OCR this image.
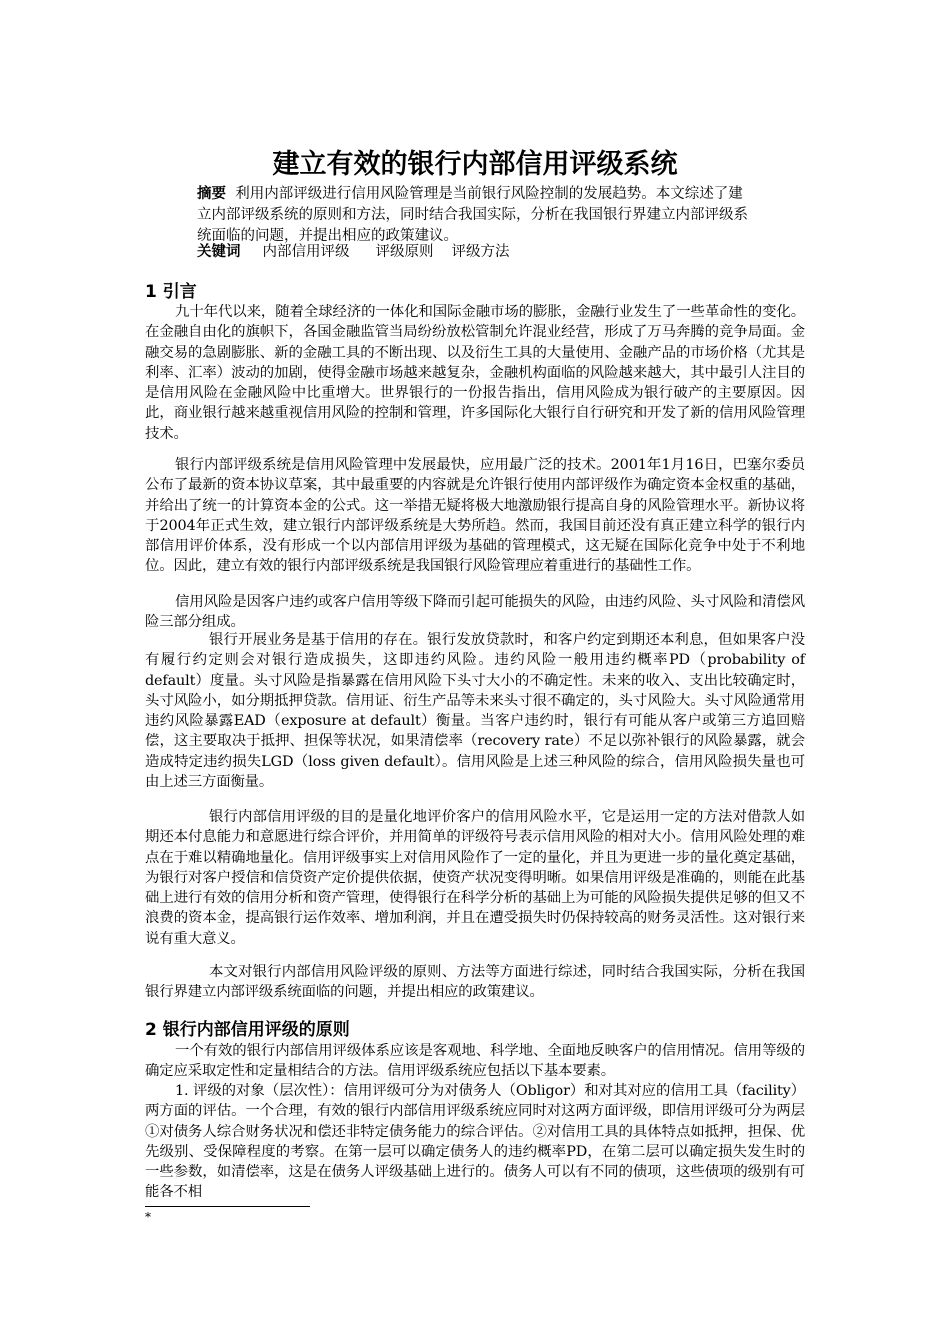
建立有效的银行内部信用评级系统

摘要 利用内部评级进行信用风险管理是当前银行风险控制的发展趋势。本文综述了建立内部评级系统的原则和方法，同时结合我国实际，分析在我国银行界建立内部评级系统面临的问题，并提出相应的政策建议。

关键词 内部信用评级 评级原则 评级方法

1 引言

九十年代以来，随着全球经济的一体化和国际金融市场的膨胀，金融行业发生了一些革命性的变化。在金融自由化的旗帜下，各国金融监管当局纷纷放松管制允许混业经营，形成了万马奔腾的竞争局面。金融交易的急剧膨胀、新的金融工具的不断出现、以及衍生工具的大量使用、金融产品的市场价格（尤其是利率、汇率）波动的加剧，使得金融市场越来越复杂，金融机构面临的风险越来越大，其中最引人注目的是信用风险在金融风险中比重增大。世界银行的一份报告指出，信用风险成为银行破产的主要原因。因此，商业银行越来越重视信用风险的控制和管理，许多国际化大银行自行研究和开发了新的信用风险管理技术。

银行内部评级系统是信用风险管理中发展最快，应用最广泛的技术。2001年1月16日，巴塞尔委员公布了最新的资本协议草案，其中最重要的内容就是允许银行使用内部评级作为确定资本金权重的基础，并给出了统一的计算资本金的公式。这一举措无疑将极大地激励银行提高自身的风险管理水平。新协议将于2004年正式生效，建立银行内部评级系统是大势所趋。然而，我国目前还没有真正建立科学的银行内部信用评价体系，没有形成一个以内部信用评级为基础的管理模式，这无疑在国际化竞争中处于不利地位。因此，建立有效的银行内部评级系统是我国银行风险管理应着重进行的基础性工作。

信用风险是因客户违约或客户信用等级下降而引起可能损失的风险，由违约风险、头寸风险和清偿风险三部分组成。

银行开展业务是基于信用的存在。银行发放贷款时，和客户约定到期还本利息，但如果客户没有履行约定则会对银行造成损失，这即违约风险。违约风险一般用违约概率PD（probability of default）度量。头寸风险是指暴露在信用风险下头寸大小的不确定性。未来的收入、支出比较确定时，头寸风险小，如分期抵押贷款。信用证、衍生产品等未来头寸很不确定的，头寸风险大。头寸风险通常用违约风险暴露EAD（exposure at default）衡量。当客户违约时，银行有可能从客户或第三方追回赔偿，这主要取决于抵押、担保等状况，如果清偿率（recovery rate）不足以弥补银行的风险暴露，就会造成特定违约损失LGD（loss given default）。信用风险是上述三种风险的综合，信用风险损失量也可由上述三方面衡量。

银行内部信用评级的目的是量化地评价客户的信用风险水平，它是运用一定的方法对借款人如期还本付息能力和意愿进行综合评价，并用简单的评级符号表示信用风险的相对大小。信用风险处理的难点在于难以精确地量化。信用评级事实上对信用风险作了一定的量化，并且为更进一步的量化奠定基础，为银行对客户授信和信贷资产定价提供依据，使资产状况变得明晰。如果信用评级是准确的，则能在此基础上进行有效的信用分析和资产管理，使得银行在科学分析的基础上为可能的风险损失提供足够的但又不浪费的资本金，提高银行运作效率、增加利润，并且在遭受损失时仍保持较高的财务灵活性。这对银行来说有重大意义。

本文对银行内部信用风险评级的原则、方法等方面进行综述，同时结合我国实际，分析在我国银行界建立内部评级系统面临的问题，并提出相应的政策建议。

2 银行内部信用评级的原则

一个有效的银行内部信用评级体系应该是客观地、科学地、全面地反映客户的信用情况。信用等级的确定应采取定性和定量相结合的方法。信用评级系统应包括以下基本要素。

1. 评级的对象（层次性）：信用评级可分为对债务人（Obligor）和对其对应的信用工具（facility）两方面的评估。一个合理，有效的银行内部信用评级系统应同时对这两方面评级，即信用评级可分为两层①对债务人综合财务状况和偿还非特定债务能力的综合评估。②对信用工具的具体特点如抵押，担保、优先级别、受保障程度的考察。在第一层可以确定债务人的违约概率PD，在第二层可以确定损失发生时的一些参数，如清偿率，这是在债务人评级基础上进行的。债务人可以有不同的债项，这些债项的级别有可能各不相

*
